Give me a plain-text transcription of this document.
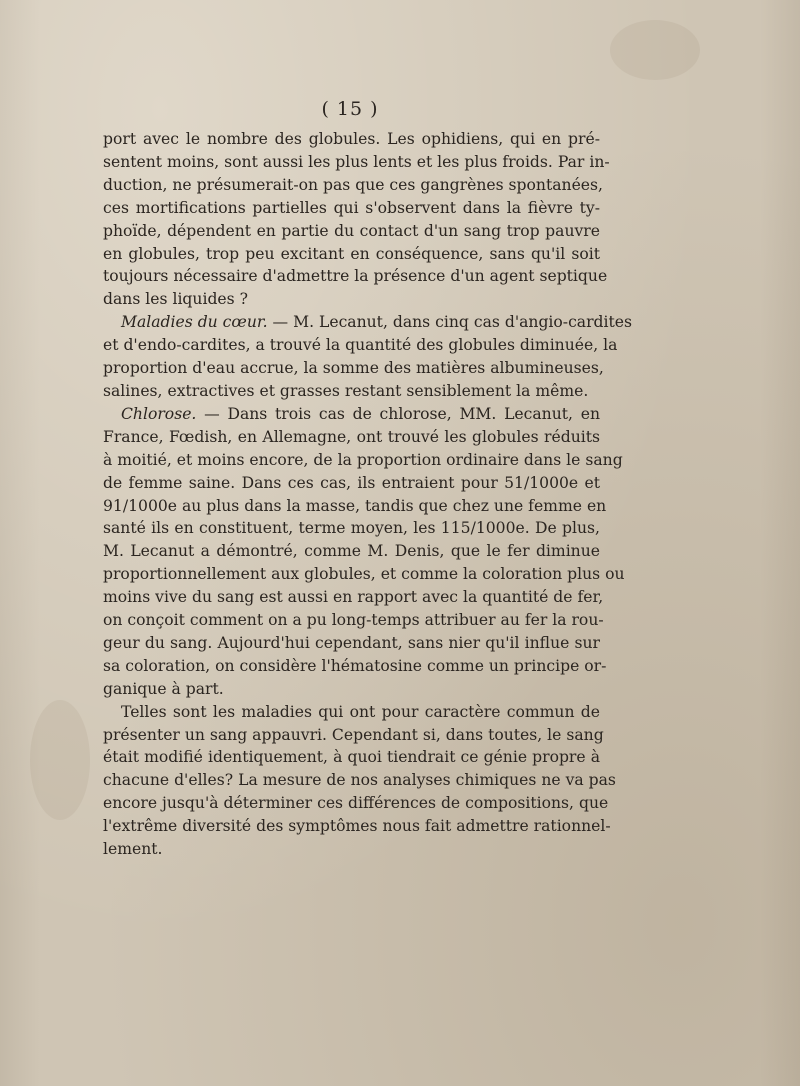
( 15 )

port avec le nombre des globules. Les ophidiens, qui en pré-
sentent moins, sont aussi les plus lents et les plus froids. Par in-
duction, ne présumerait-on pas que ces gangrènes spontanées,
ces mortifications partielles qui s'observent dans la fièvre ty-
phoïde, dépendent en partie du contact d'un sang trop pauvre
en globules, trop peu excitant en conséquence, sans qu'il soit
toujours nécessaire d'admettre la présence d'un agent septique
dans les liquides ?

Maladies du cœur. — M. Lecanut, dans cinq cas d'angio-cardites
et d'endo-cardites, a trouvé la quantité des globules diminuée, la
proportion d'eau accrue, la somme des matières albumineuses,
salines, extractives et grasses restant sensiblement la même.

Chlorose. — Dans trois cas de chlorose, MM. Lecanut, en
France, Fœdish, en Allemagne, ont trouvé les globules réduits
à moitié, et moins encore, de la proportion ordinaire dans le sang
de femme saine. Dans ces cas, ils entraient pour 51/1000e et
91/1000e au plus dans la masse, tandis que chez une femme en
santé ils en constituent, terme moyen, les 115/1000e. De plus,
M. Lecanut a démontré, comme M. Denis, que le fer diminue
proportionnellement aux globules, et comme la coloration plus ou
moins vive du sang est aussi en rapport avec la quantité de fer,
on conçoit comment on a pu long-temps attribuer au fer la rou-
geur du sang. Aujourd'hui cependant, sans nier qu'il influe sur
sa coloration, on considère l'hématosine comme un principe or-
ganique à part.

Telles sont les maladies qui ont pour caractère commun de
présenter un sang appauvri. Cependant si, dans toutes, le sang
était modifié identiquement, à quoi tiendrait ce génie propre à
chacune d'elles? La mesure de nos analyses chimiques ne va pas
encore jusqu'à déterminer ces différences de compositions, que
l'extrême diversité des symptômes nous fait admettre rationnel-
lement.
